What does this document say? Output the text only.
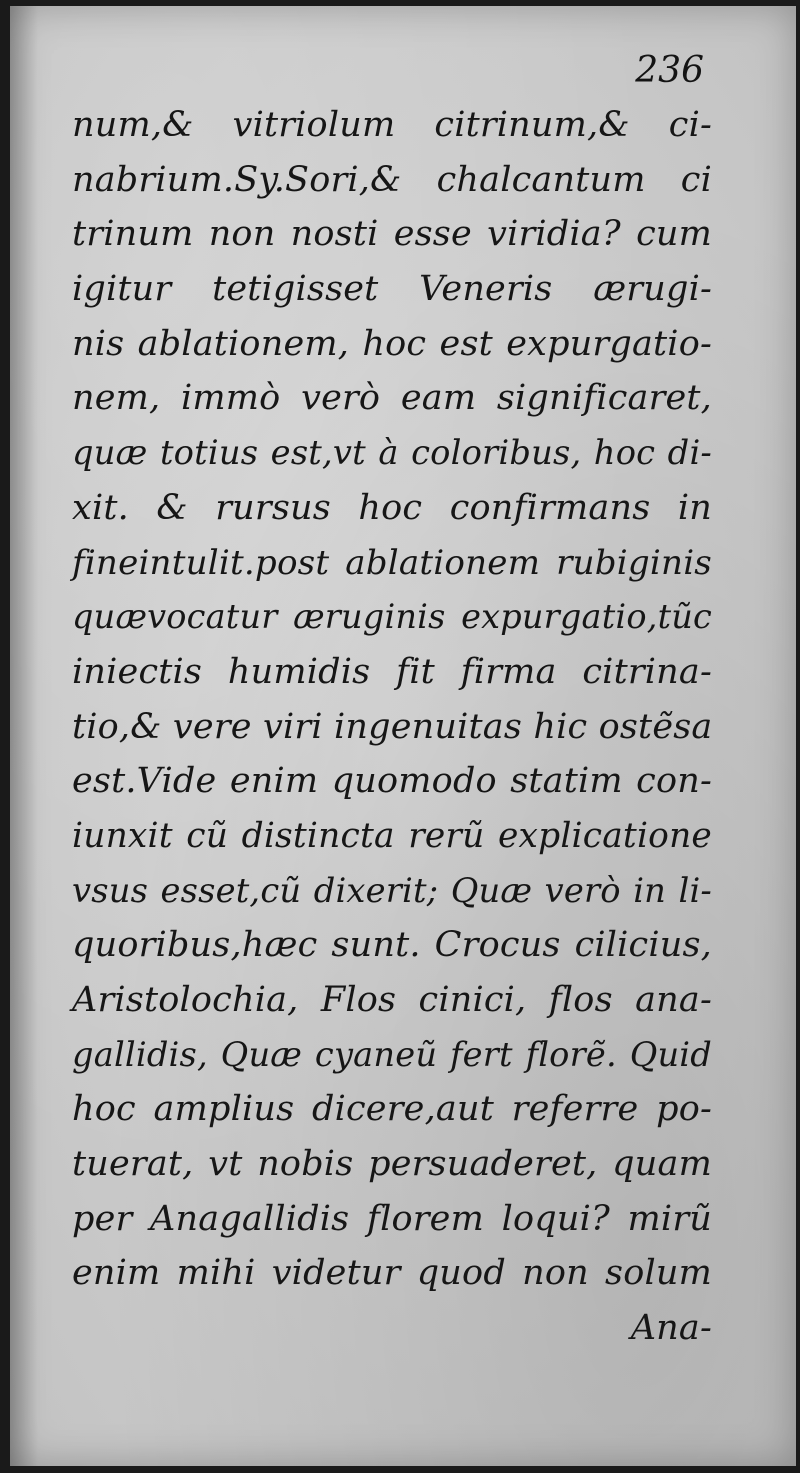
236

num,& vitriolum citrinum,& ci-
nabrium.Sy.Sori,& chalcantum ci
trinum non nosti esse viridia? cum
igitur tetigisset Veneris ærugi-
nis ablationem, hoc est expurgatio-
nem, immò verò eam significaret,
quæ totius est,vt à coloribus, hoc di-
xit. & rursus hoc confirmans in
fineintulit.post ablationem rubiginis
quævocatur æruginis expurgatio,tũc
iniectis humidis fit firma citrina-
tio,& vere viri ingenuitas hic ostẽsa
est.Vide enim quomodo statim con-
iunxit cũ distincta rerũ explicatione
vsus esset,cũ dixerit; Quæ verò in li-
quoribus,hæc sunt. Crocus cilicius,
Aristolochia, Flos cinici, flos ana-
gallidis, Quæ cyaneũ fert florẽ. Quid
hoc amplius dicere,aut referre po-
tuerat, vt nobis persuaderet, quam
per Anagallidis florem loqui? mirũ
enim mihi videtur quod non solum
Ana-
